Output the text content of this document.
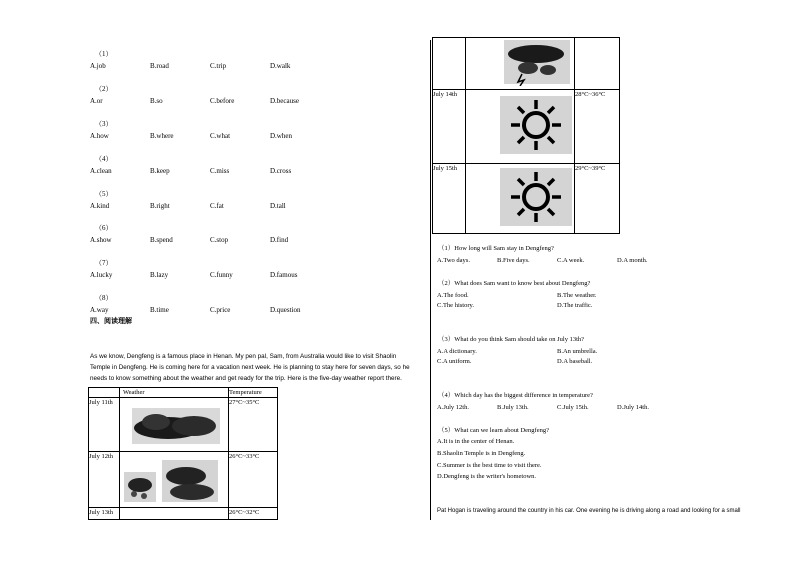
（1）
A.job	B.road	C.trip	D.walk
（2）
A.or	B.so	C.before	D.because
（3）
A.how	B.where	C.what	D.when
（4）
A.clean	B.keep	C.miss	D.cross
（5）
A.kind	B.right	C.fat	D.tall
（6）
A.show	B.spend	C.stop	D.find
（7）
A.lucky	B.lazy	C.funny	D.famous
（8）
A.way	B.time	C.price	D.question
四、阅读理解
As we know, Dengfeng is a famous place in Henan. My pen pal, Sam, from Australia would like to visit Shaolin
Temple in Dengfeng. He is coming here for a vacation next week. He is planning to stay here for seven days, so he
needs to know something about the weather and get ready for the trip. Here is the five-day weather report there.
	Weather	Temperature
July 11th		27°C~35°C
July 12th		26°C~33°C
July 13th		26°C~32°C

July 14th		28°C~36°C
July 15th		29°C~39°C
（1）How long will Sam stay in Dengfeng?
A.Two days.	B.Five days.	C.A week.	D.A month.
（2）What does Sam want to know best about Dengfeng?
A.The food.	B.The weather.
C.The history.	D.The traffic.
（3）What do you think Sam should take on July 13th?
A.A dictionary.	B.An umbrella.
C.A uniform.	D.A baseball.
（4）Which day has the biggest difference in temperature?
A.July 12th.	B.July 13th.	C.July 15th.	D.July 14th.
（5）What can we learn about Dengfeng?
A.It is in the center of Henan.
B.Shaolin Temple is in Dengfeng.
C.Summer is the best time to visit there.
D.Dengfeng is the writer's hometown.
Pat Hogan is traveling around the country in his car. One evening he is driving along a road and looking for a small
